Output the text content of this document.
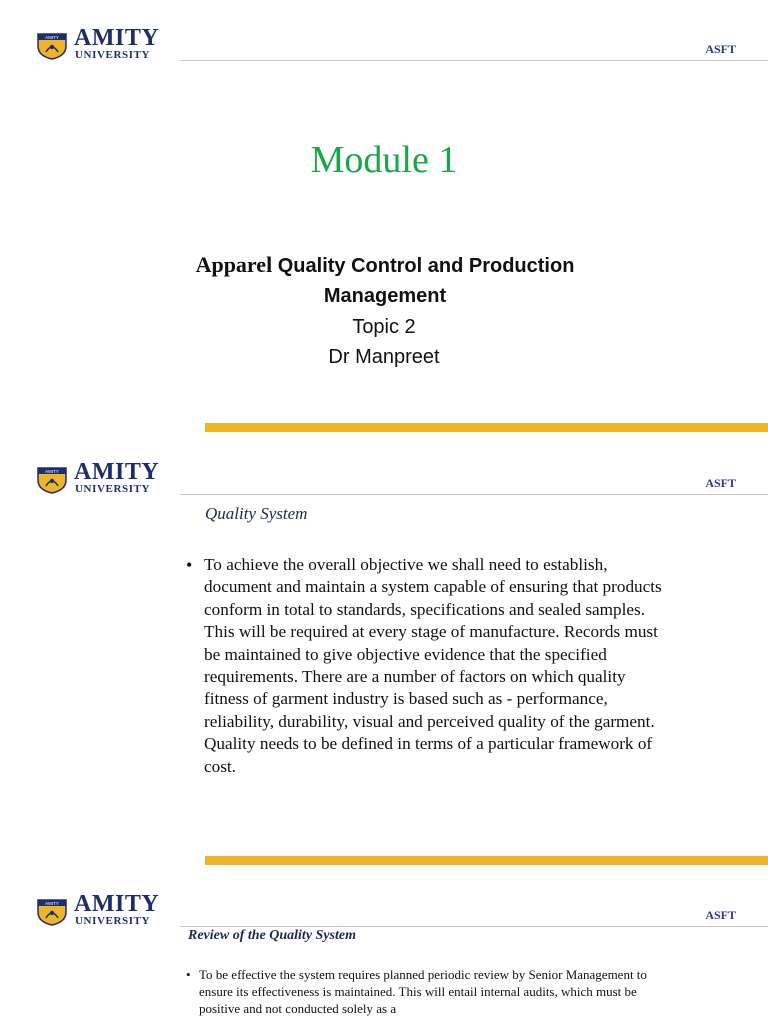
AMITY AMITY
UNIVERSITY	ASFT
Module 1
Apparel Quality Control and Production Management
Topic 2
Dr Manpreet
AMITY AMITY
UNIVERSITY	ASFT
Quality System
• To achieve the overall objective we shall need to establish, document and maintain a system capable of ensuring that products conform in total to standards, specifications and sealed samples. This will be required at every stage of manufacture. Records must be maintained to give objective evidence that the specified requirements. There are a number of factors on which quality fitness of garment industry is based such as - performance, reliability, durability, visual and perceived quality of the garment. Quality needs to be defined in terms of a particular framework of cost.
AMITY AMITY
UNIVERSITY	ASFT
Review of the Quality System
• To be effective the system requires planned periodic review by Senior Management to ensure its effectiveness is maintained. This will entail internal audits, which must be positive and not conducted solely as a
